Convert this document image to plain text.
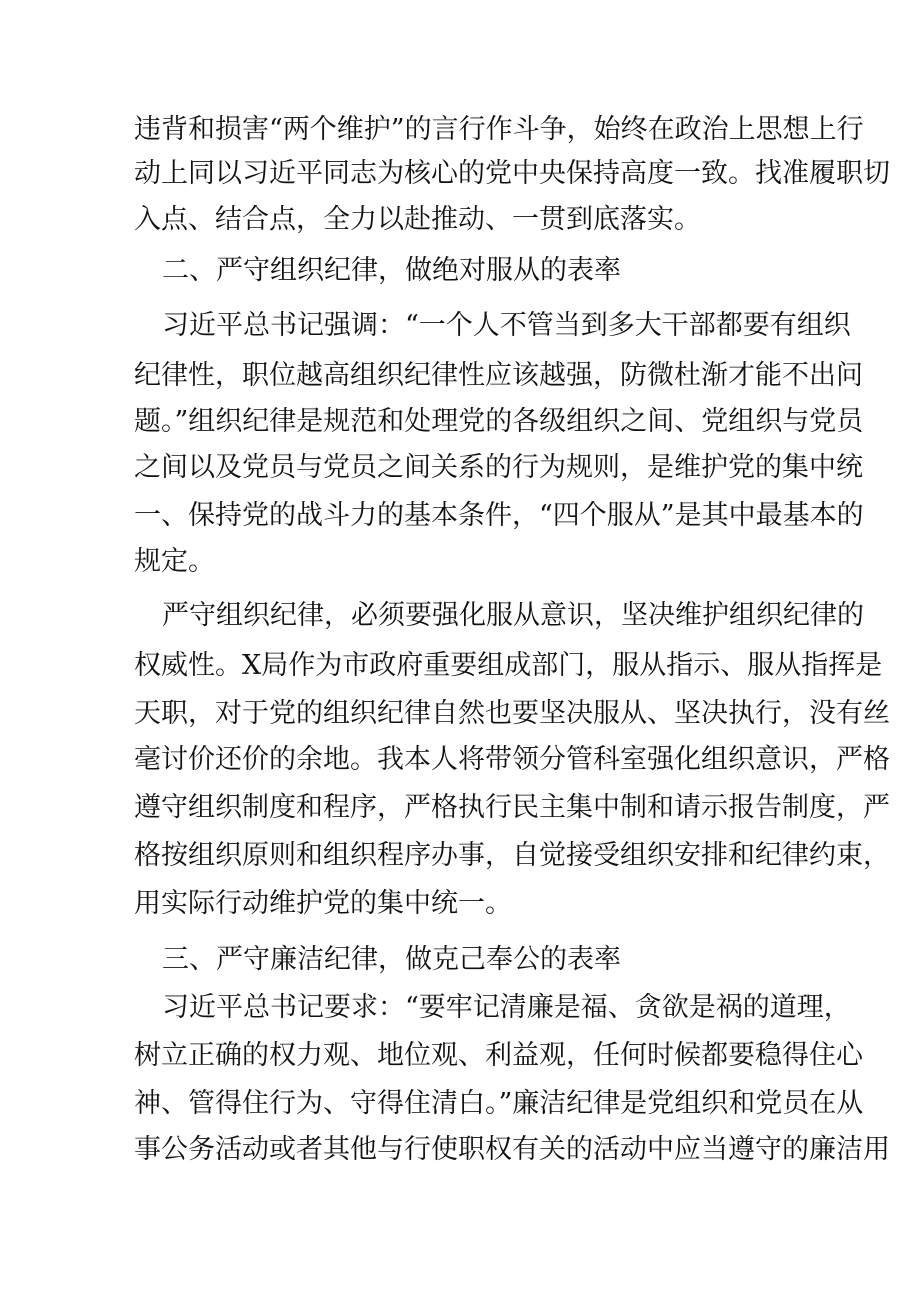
违背和损害“两个维护”的言行作斗争，始终在政治上思想上行
动上同以习近平同志为核心的党中央保持高度一致。找准履职切
入点、结合点，全力以赴推动、一贯到底落实。
二、严守组织纪律，做绝对服从的表率
习近平总书记强调：“一个人不管当到多大干部都要有组织
纪律性，职位越高组织纪律性应该越强，防微杜渐才能不出问
题。”组织纪律是规范和处理党的各级组织之间、党组织与党员
之间以及党员与党员之间关系的行为规则，是维护党的集中统
一、保持党的战斗力的基本条件，“四个服从”是其中最基本的
规定。
严守组织纪律，必须要强化服从意识，坚决维护组织纪律的
权威性。X局作为市政府重要组成部门，服从指示、服从指挥是
天职，对于党的组织纪律自然也要坚决服从、坚决执行，没有丝
毫讨价还价的余地。我本人将带领分管科室强化组织意识，严格
遵守组织制度和程序，严格执行民主集中制和请示报告制度，严
格按组织原则和组织程序办事，自觉接受组织安排和纪律约束，
用实际行动维护党的集中统一。
三、严守廉洁纪律，做克己奉公的表率
习近平总书记要求：“要牢记清廉是福、贪欲是祸的道理，
树立正确的权力观、地位观、利益观，任何时候都要稳得住心
神、管得住行为、守得住清白。”廉洁纪律是党组织和党员在从
事公务活动或者其他与行使职权有关的活动中应当遵守的廉洁用
